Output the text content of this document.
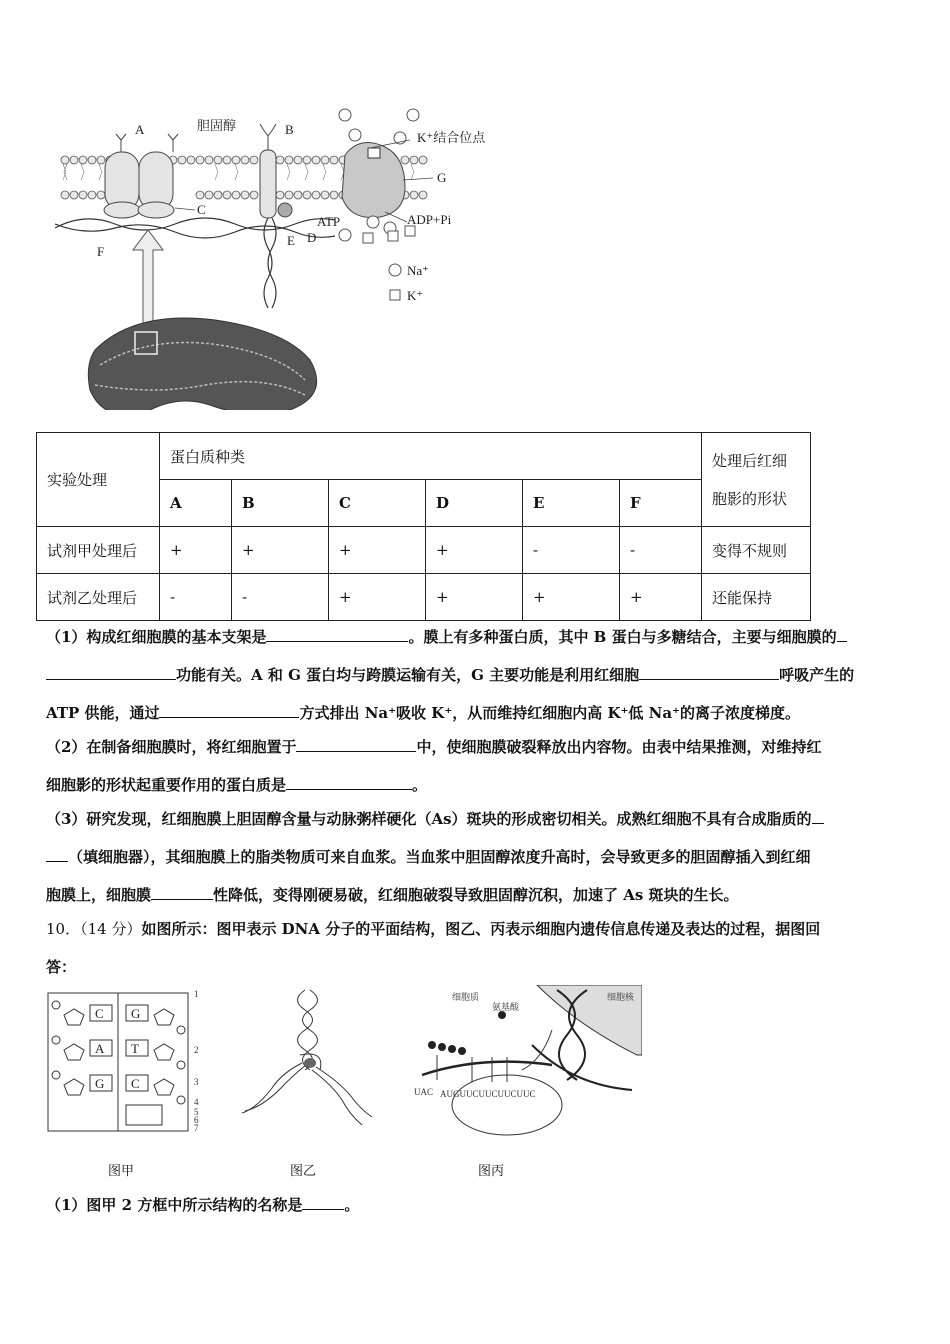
A	胆固醇	B
K⁺结合位点
G
C
F
E D
ATP	ADP+Pi
Na⁺
K⁺
实验处理	蛋白质种类						处理后红细
胞影的形状
	A	B	C	D	E	F	
试剂甲处理后	+	+	+	+	-	-	变得不规则
试剂乙处理后	-	-	+	+	+	+	还能保持
（1）构成红细胞膜的基本支架是	。膜上有多种蛋白质，其中 B 蛋白与多糖结合，主要与细胞膜的
功能有关。A 和 G 蛋白均与跨膜运输有关，G 主要功能是利用红细胞	呼吸产生的
ATP 供能，通过	方式排出 Na⁺吸收 K⁺，从而维持红细胞内高 K⁺低 Na⁺的离子浓度梯度。
（2）在制备细胞膜时，将红细胞置于	中，使细胞膜破裂释放出内容物。由表中结果推测，对维持红
细胞影的形状起重要作用的蛋白质是	。
（3）研究发现，红细胞膜上胆固醇含量与动脉粥样硬化（As）斑块的形成密切相关。成熟红细胞不具有合成脂质的
（填细胞器），其细胞膜上的脂类物质可来自血浆。当血浆中胆固醇浓度升高时，会导致更多的胆固醇插入到红细
胞膜上，细胞膜	性降低，变得刚硬易破，红细胞破裂导致胆固醇沉积，加速了 As 斑块的生长。
10．（14 分）如图所示：图甲表示 DNA 分子的平面结构，图乙、丙表示细胞内遗传信息传递及表达的过程，据图回
答：
C
A
G
G
T
C
1
2
3
4
5
6
7
细胞质	细胞核
氨基酸
UAC AUGUUCUUCUUCUUC
图甲	图乙	图丙
（1）图甲 2 方框中所示结构的名称是	。
